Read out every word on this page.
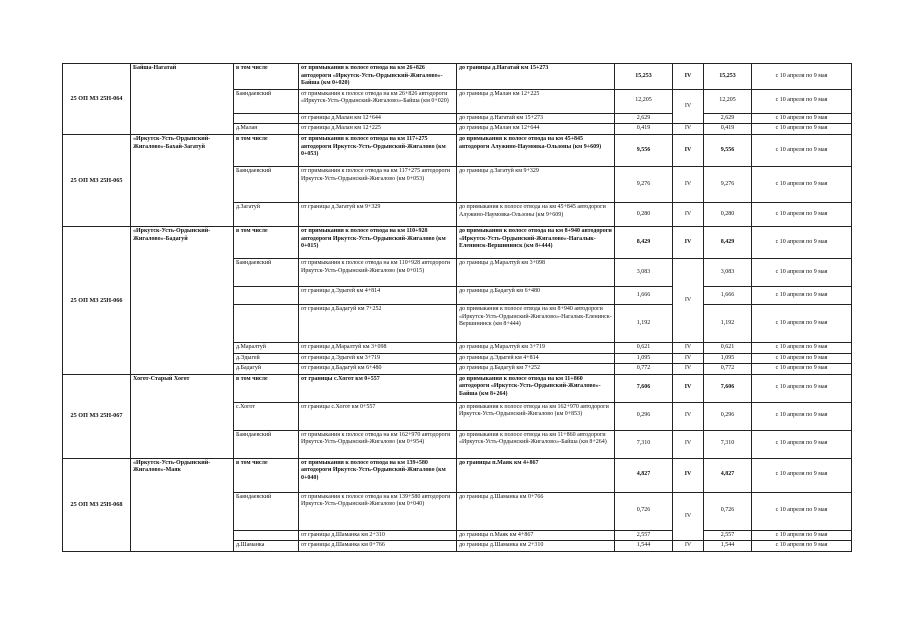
25 ОП МЗ 25Н-064	Байша-Нагатай	в том числе	от примыкания к полосе отвода на км 26+826 автодороги «Иркутск-Усть-Ордынский-Жигалово»-Байша (км 0+020)	до границы д.Нагатай км 15+273	15,253	IV	15,253	с 10 апреля по 9 мая
		Баяндаевский	от примыкания к полосе отвода на км 26+826 автодороги «Иркутск-Усть-Ордынский-Жигалово»-Байша (км 0+020)	до границы д.Малан км 12+225	12,205	IV	12,205	с 10 апреля по 9 мая
			от границы д.Малан км 12+644	до границы д.Нагатай км 15+273	2,629		2,629	с 10 апреля по 9 мая
		д.Малан	от границы д.Малан км 12+225	до границы д.Малан км 12+644	0,419	IV	0,419	с 10 апреля по 9 мая
25 ОП МЗ 25Н-065	«Иркутск-Усть-Ордынский-Жигалово»-Бахай-Загатуй	в том числе	от примыкания к полосе отвода на км 117+275 автодороги Иркутск-Усть-Ордынский-Жигалово (км 0+053)	до примыкания к полосе отвода на км 45+845 автодороги Алужино-Наумовка-Ользоны (км 9+609)	9,556	IV	9,556	с 10 апреля по 9 мая
		Баяндаевский	от примыкания к полосе отвода на км 117+275 автодороги Иркутск-Усть-Ордынский-Жигалово (км 0+053)	до границы д.Загатуй км 9+329	9,276	IV	9,276	с 10 апреля по 9 мая
		д.Загатуй	от границы д.Загатуй км 9+329	до примыкания к полосе отвода на км 45+845 автодороги Алужино-Наумовка-Ользоны (км 9+609)	0,280	IV	0,280	с 10 апреля по 9 мая
25 ОП МЗ 25Н-066	«Иркутск-Усть-Ордынский-Жигалово»-Бадагуй	в том числе	от примыкания к полосе отвода на км 110+928 автодороги Иркутск-Усть-Ордынский-Жигалово (км 0+015)	до примыкания к полосе отвода на км 8+940 автодороги «Иркутск-Усть-Ордынский-Жигалово»-Нагалык-Еленинск-Вершининск (км 8+444)	8,429	IV	8,429	с 10 апреля по 9 мая
		Баяндаевский	от примыкания к полосе отвода на км 110+928 автодороги Иркутск-Усть-Ордынский-Жигалово (км 0+015)	до границы д.Маралтуй км 3+098	3,083	IV	3,083	с 10 апреля по 9 мая
			от границы д.Эдыгей км 4+814	до границы д.Бадагуй км 6+480	1,666		1,666	с 10 апреля по 9 мая
			от границы д.Бадагуй км 7+252	до примыкания к полосе отвода на км 8+940 автодороги «Иркутск-Усть-Ордынский-Жигалово»-Нагалык-Еленинск-Вершининск (км 8+444)	1,192		1,192	с 10 апреля по 9 мая
		д.Маралтуй	от границы д.Маралтуй км 3+098	до границы д.Маралтуй км 3+719	0,621	IV	0,621	с 10 апреля по 9 мая
		д.Эдыгей	от границы д.Эдыгей км 3+719	до границы д.Эдыгей км 4+814	1,095	IV	1,095	с 10 апреля по 9 мая
		д.Бадагуй	от границы д.Бадагуй км 6+480	до границы д.Бадагуй км 7+252	0,772	IV	0,772	с 10 апреля по 9 мая
25 ОП МЗ 25Н-067	Хогот-Старый Хогот	в том числе	от границы с.Хогот км 0+557	до примыкания к полосе отвода на км 11+860 автодороги «Иркутск-Усть-Ордынский-Жигалово»-Байша (км 8+264)	7,606	IV	7,606	с 10 апреля по 9 мая
		с.Хогот	от границы с.Хогот км 0+557	до примыкания к полосе отвода на км 162+970 автодороги Иркутск-Усть-Ордынский-Жигалово (км 0+853)	0,296	IV	0,296	с 10 апреля по 9 мая
		Баяндаевский	от примыкания к полосе отвода на км 162+970 автодороги Иркутск-Усть-Ордынский-Жигалово (км 0+954)	до примыкания к полосе отвода на км 11+860 автодороги «Иркутск-Усть-Ордынский-Жигалово»-Байша (км 8+264)	7,310	IV	7,310	с 10 апреля по 9 мая
25 ОП МЗ 25Н-068	«Иркутск-Усть-Ордынский-Жигалово»-Маяк	в том числе	от примыкания к полосе отвода на км 139+580 автодороги Иркутск-Усть-Ордынский-Жигалово (км 0+040)	до границы п.Маяк км 4+867	4,827	IV	4,827	с 10 апреля по 9 мая
		Баяндаевский	от примыкания к полосе отвода на км 139+580 автодороги Иркутск-Усть-Ордынский-Жигалово (км 0+040)	до границы д.Шаманка км 0+766	0,726	IV	0,726	с 10 апреля по 9 мая
			от границы д.Шаманка км 2+310	до границы п.Маяк км 4+867	2,557		2,557	с 10 апреля по 9 мая
		д.Шаманка	от границы д.Шаманка км 0+766	до границы д.Шаманка км 2+310	1,544	IV	1,544	с 10 апреля по 9 мая
